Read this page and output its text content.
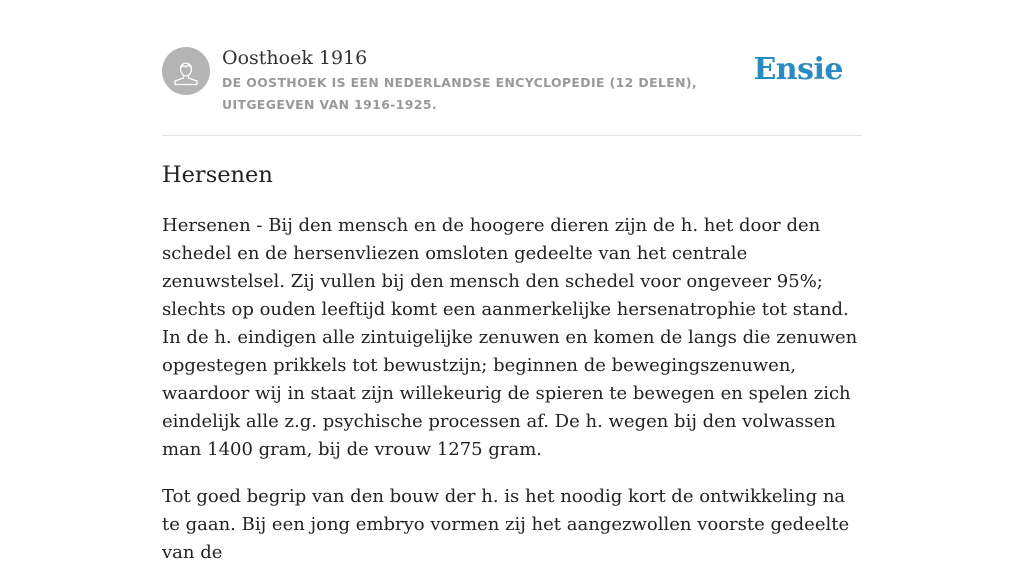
Oosthoek 1916
DE OOSTHOEK IS EEN NEDERLANDSE ENCYCLOPEDIE (12 DELEN), UITGEGEVEN VAN 1916-1925.
Ensie
Hersenen

Hersenen - Bij den mensch en de hoogere dieren zijn de h. het door den schedel en de hersenvliezen omsloten gedeelte van het centrale zenuwstelsel. Zij vullen bij den mensch den schedel voor ongeveer 95%; slechts op ouden leeftijd komt een aanmerkelijke hersenatrophie tot stand. In de h. eindigen alle zintuigelijke zenuwen en komen de langs die zenuwen opgestegen prikkels tot bewustzijn; beginnen de bewegingszenuwen, waardoor wij in staat zijn willekeurig de spieren te bewegen en spelen zich eindelijk alle z.g. psychische processen af. De h. wegen bij den volwassen man 1400 gram, bij de vrouw 1275 gram.

Tot goed begrip van den bouw der h. is het noodig kort de ontwikkeling na te gaan. Bij een jong embryo vormen zij het aangezwollen voorste gedeelte van de
